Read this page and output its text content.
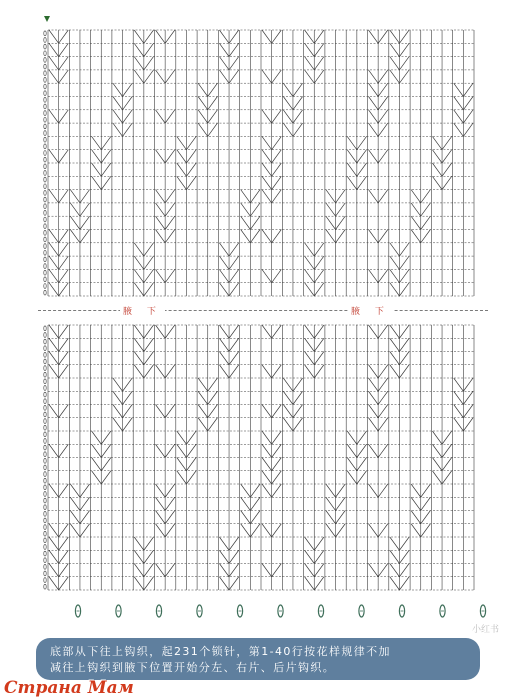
腋 下	腋 下
底部从下往上钩织，起231个锁针，第1-40行按花样规律不加
减往上钩织到腋下位置开始分左、右片、后片钩织。
小红书
Страна Мам
